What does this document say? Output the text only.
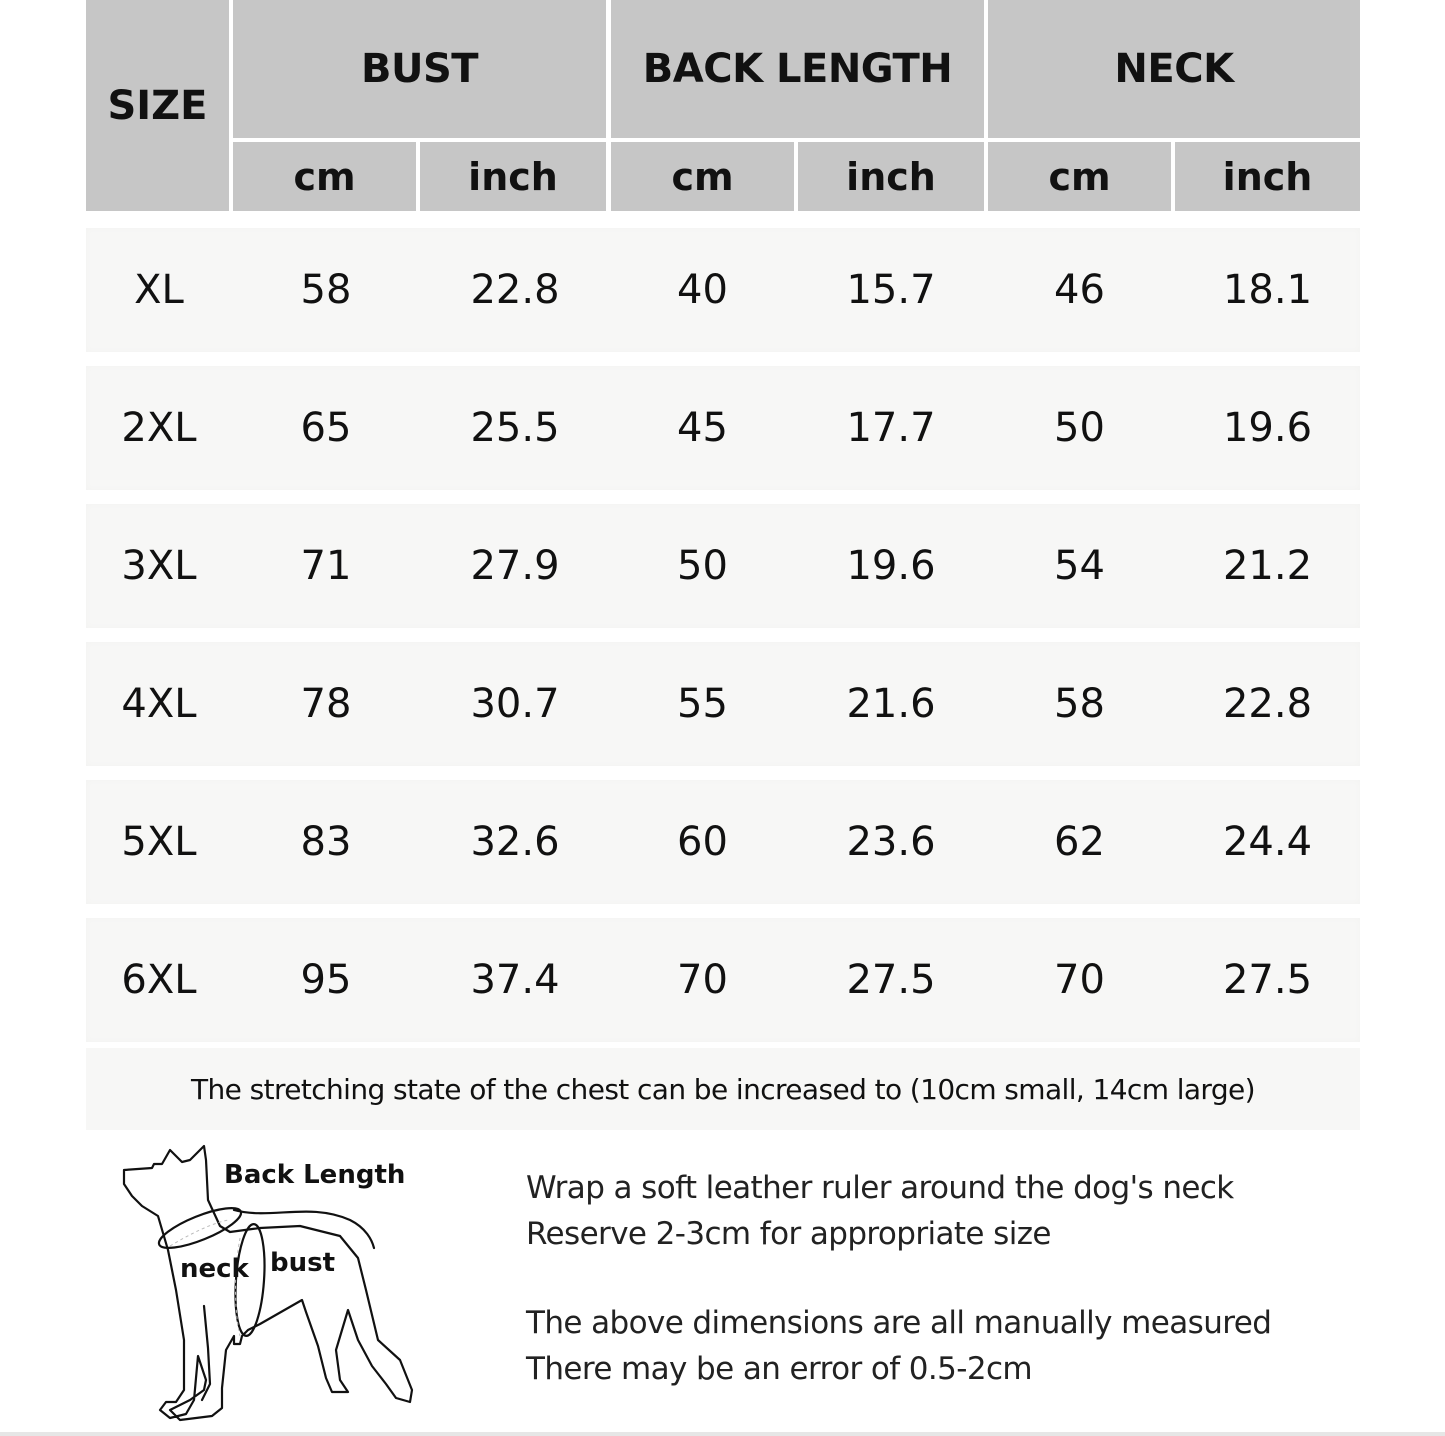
SIZE
BUST	BACK LENGTH	NECK
cm	inch	cm	inch	cm	inch
XL	58	22.8	40	15.7	46	18.1
2XL	65	25.5	45	17.7	50	19.6
3XL	71	27.9	50	19.6	54	21.2
4XL	78	30.7	55	21.6	58	22.8
5XL	83	32.6	60	23.6	62	24.4
6XL	95	37.4	70	27.5	70	27.5
The stretching state of the chest can be increased to (10cm small, 14cm large)
Back Length
neck bust
Wrap a soft leather ruler around the dog's neck
Reserve 2-3cm for appropriate size
The above dimensions are all manually measured
There may be an error of 0.5-2cm
